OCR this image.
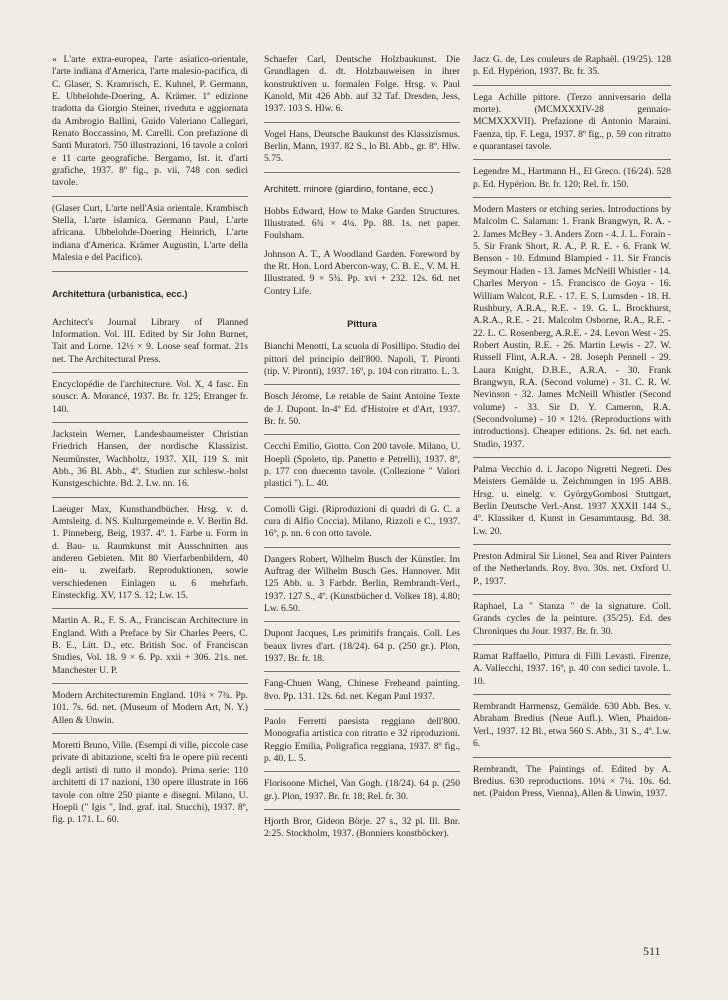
« L'arte extra-europea, l'arte asiatico-orientale, l'arte indiana d'America, l'arte malesio-pacifica, di C. Glaser, S. Kramrisch, E. Kuhnel, P. Germann, E. Ubbelohde-Doering, A. Krämer. 1ª edizione tradotta da Giorgio Steiner, riveduta e aggiornata da Ambrogio Ballini, Guido Valeriano Callegari, Renato Boccassino, M. Carelli. Con prefazione di Santi Muratori. 750 illustrazioni, 16 tavole a colori e 11 carte geografiche. Bergamo, Ist. it. d'arti grafiche, 1937. 8º fig., p. vii, 748 con sedici tavole.

(Glaser Curt, L'arte nell'Asia orientale. Krambisch Stella, L'arte islamica. Germann Paul, L'arte africana. Ubbelohde-Doering Heinrich, L'arte indiana d'America. Krämer Augustin, L'arte della Malesia e del Pacifico).

Architettura (urbanistica, ecc.)

Architect's Journal Library of Planned Information. Vol. III. Edited by Sir John Burnet, Tait and Lorne. 12½ × 9. Loose seaf format. 21s net. The Architectural Press.

Encyclopédie de l'architecture. Vol. X, 4 fasc. En souscr. A. Morancé, 1937. Br. fr. 125; Etranger fr. 140.

Jackstein Werner, Landesbaumeister Christian Friedrich Hansen, der nordische Klassizist. Neumünster, Wachholtz, 1937. XII, 119 S. mit Abb., 36 Bl. Abb., 4º. Studien zur schlesw.-holst Kunstgeschichte. Bd. 2. Lw. nn. 16.

Laeuger Max, Kunsthandbücher. Hrsg. v. d. Amtsleitg. d. NS. Kulturgemeinde e. V. Berlin Bd. 1. Pinneberg, Beig, 1937. 4º. 1. Farbe u. Form in d. Bau- u. Raumkunst mit Ausschnitten aus anderen Gebieten. Mit 80 Vierfarbenbildern, 40 ein- u. zweifarb. Reproduktionen, sowie verschiedenen Einlagen u. 6 mehrfarb. Einsteckfig. XV, 117 S. 12; Lw. 15.

Martin A. R., F. S. A., Franciscan Architecture in England. With a Preface by Sir Charles Peers, C. B. E., Litt. D., etc. British Soc. of Franciscan Studies, Vol. 18. 9 × 6. Pp. xxii + 306. 21s. net. Manchester U. P.

Modern Architecturemin England. 10¼ × 7¾. Pp. 101. 7s. 6d. net. (Museum of Modern Art, N. Y.) Allen & Unwin.

Moretti Bruno, Ville. (Esempi di ville, piccole case private di abitazione, scelti fra le opere più recenti degli artisti di tutto il mondo). Prima serie: 110 architetti di 17 nazioni, 130 opere illustrate in 166 tavole con oltre 250 piante e disegni. Milano, U. Hoepli (" Igis ", Ind. graf. ital. Stucchi), 1937. 8º, fig. p. 171. L. 60.

Schaefer Carl, Deutsche Holzbaukunst. Die Grundlagen d. dt. Holzbauweisen in ihrer konstruktiven u. formalen Folge. Hrsg. v. Paul Kanold, Mit 426 Abb. auf 32 Taf. Dresden, Jess, 1937. 103 S. Hlw. 6.

Vogel Hans, Deutsche Baukunst des Klassizismus. Berlin, Mann, 1937. 82 S., lo Bl. Abb., gr. 8º. Hlw. 5.75.

Architett. minore (giardino, fontane, ecc.)

Hobbs Edward, How to Make Garden Structures. Illustrated. 6¾ × 4¼. Pp. 88. 1s. net paper. Foulsham.

Johnson A. T., A Woodland Garden. Foreword by the Rt. Hon. Lord Abercon-way, C. B. E., V. M. H. Illustrated. 9 × 5¾. Pp. xvi + 232. 12s. 6d. net Contry Life.

Pittura

Bianchi Menotti, La scuola di Posillipo. Studio dei pittori del principio dell'800. Napoli, T. Pironti (tip. V. Pironti), 1937. 16º, p. 104 con ritratto. L. 3.

Bosch Jérome, Le retable de Saint Antoine Texte de J. Dupont. In-4º Ed. d'Histoire et d'Art, 1937. Br. fr. 50.

Cecchi Emilio, Giotto. Con 200 tavole. Milano, U. Hoepli (Spoleto, tip. Panetto e Petrelli), 1937. 8º, p. 177 con duecento tavole. (Collezione " Valori plastici "). L. 40.

Comolli Gigi. (Riproduzioni di quadri di G. C. a cura di Alfio Coccia). Milano, Rizzoli e C., 1937. 16º, p. nn. 6 con otto tavole.

Dangers Robert, Wilhelm Busch der Künstler. Im Auftrag der Wilhelm Busch Ges. Hannover. Mit 125 Abb. u. 3 Farbdr. Berlin, Rembrandt-Verl., 1937. 127 S., 4º. (Kunstbücher d. Volkes 18). 4.80; Lw. 6.50.

Dupont Jacques, Les primitifs français. Coll. Les beaux livres d'art. (18/24). 64 p. (250 gr.). Plon, 1937. Br. fr. 18.

Fang-Chuen Wang, Chinese Freheand painting. 8vo. Pp. 131. 12s. 6d. net. Kegan Paul 1937.

Paolo Ferretti paesista reggiano dell'800. Monografia artistica con ritratto e 32 riproduzioni. Reggio Emilia, Poligrafica reggiana, 1937. 8º fig., p. 40. L. 5.

Florisoone Michel, Van Gogh. (18/24). 64 p. (250 gr.). Plon, 1937. Br. fr. 18; Rel. fr. 30.

Hjorth Bror, Gideon Börje. 27 s., 32 pl. Ill. Bnr. 2:25. Stockholm, 1937. (Bonniers konstböcker).

Jacz G. de, Les couleurs de Raphaël. (19/25). 128 p. Ed. Hypérion, 1937. Br. fr. 35.

Lega Achille pittore. (Terzo anniversario della morte). (MCMXXXIV-28 gennaio-MCMXXXVII). Prefazione di Antonio Maraini. Faenza, tip. F. Lega, 1937. 8º fig., p. 59 con ritratto e quarantasei tavole.

Legendre M., Hartmann H., El Greco. (16/24). 528 p. Ed. Hypérion. Br. fr. 120; Rel. fr. 150.

Modern Masters or etching series. Introductions by Malcolm C. Salaman: 1. Frank Brangwyn, R. A. - 2. James McBey - 3. Anders Zorn - 4. J. L. Forain - 5. Sir Frank Short, R. A., P. R. E. - 6. Frank W. Benson - 10. Edmund Blampied - 11. Sir Francis Seymour Haden - 13. James McNeill Whistler - 14. Charles Meryon - 15. Francisco de Goya - 16. William Walcot, R.E. - 17. E. S. Lumsden - 18. H. Rushbury, A.R.A., R.E. - 19. G. L. Brockhurst, A.R.A., R.E. - 21. Malcolm Osborne, R.A., R.E. - 22. L. C. Rosenberg, A.R.E. - 24. Levon West - 25. Robert Austin, R.E. - 26. Martin Lewis - 27. W. Russell Flint, A.R.A. - 28. Joseph Pennell - 29. Laura Knight, D.B.E., A.R.A. - 30. Frank Brangwyn, R.A. (Second volume) - 31. C. R. W. Nevinson - 32. James McNeill Whistler (Second volume) - 33. Sir D. Y. Cameron, R.A. (Secondvolume) - 10 × 12½. (Reproductions with introductions). Cheaper editions. 2s. 6d. net each. Studio, 1937.

Palma Vecchio d. i. Jacopo Nigretti Negreti. Des Meisters Gemälde u. Zeichnungen in 195 ABB. Hrsg. u. einelg. v. GyörgyGombosi Stuttgart, Berlin Deutsche Verl.-Anst. 1937 XXXII 144 S., 4º. Klassiker d. Kunst in Gesammtausg. Bd. 38. Lw. 20.

Preston Admiral Sir Lionel, Sea and River Painters of the Netherlands. Roy. 8vo. 30s. net. Oxford U. P., 1937.

Raphael, La " Stanza " de la signature. Coll. Grands cycles de la peinture. (35/25). Ed. des Chroniques du Jour. 1937. Br. fr. 30.

Ramat Raffaello, Pittura di Filli Levasti. Firenze, A. Vallecchi, 1937. 16º, p. 40 con sedici tavole. L. 10.

Rembrandt Harmensz, Gemälde. 630 Abb. Bes. v. Abraham Bredius (Neue Aufl.). Wien, Phaidon-Verl., 1937. 12 Bl., etwa 560 S. Abb., 31 S., 4º. Lw. 6.

Rembrandt, The Paintings of. Edited by A. Bredius. 630 reproductions. 10¼ × 7¼. 10s. 6d. net. (Paidon Press, Vienna), Allen & Unwin, 1937.

511
